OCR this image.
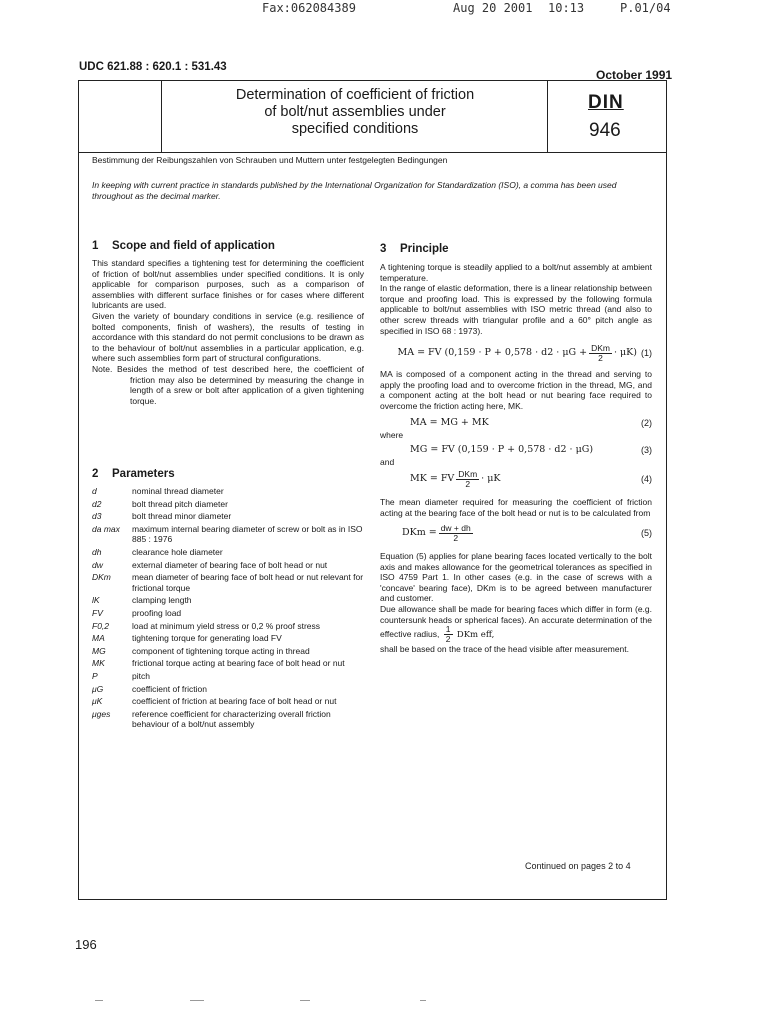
Fax:062084389	Aug 20 2001 10:13	P.01/04
UDC 621.88 : 620.1 : 531.43
October 1991
Determination of coefficient of friction
of bolt/nut assemblies under
specified conditions
DIN
946
Bestimmung der Reibungszahlen von Schrauben und Muttern unter festgelegten Bedingungen
In keeping with current practice in standards published by the International Organization for Standardization (ISO), a comma has been used throughout as the decimal marker.
1 Scope and field of application

This standard specifies a tightening test for determining the coefficient of friction of bolt/nut assemblies under specified conditions. It is only applicable for comparison purposes, such as a comparison of assemblies with different surface finishes or for cases where different lubricants are used.

Given the variety of boundary conditions in service (e.g. resilience of bolted components, finish of washers), the results of testing in accordance with this standard do not permit conclusions to be drawn as to the behaviour of bolt/nut assemblies in a particular application, e.g. where such assemblies form part of structural configurations.

Note. Besides the method of test described here, the coefficient of friction may also be determined by measuring the change in length of a srew or bolt after application of a given tightening torque.

2 Parameters
d	nominal thread diameter
d2	bolt thread pitch diameter
d3	bolt thread minor diameter
da max	maximum internal bearing diameter of screw or bolt as in ISO 885 : 1976
dh	clearance hole diameter
dw	external diameter of bearing face of bolt head or nut
DKm	mean diameter of bearing face of bolt head or nut relevant for frictional torque
lK	clamping length
FV	proofing load
F0,2	load at minimum yield stress or 0,2 % proof stress
MA	tightening torque for generating load FV
MG	component of tightening torque acting in thread
MK	frictional torque acting at bearing face of bolt head or nut
P	pitch
μG	coefficient of friction
μK	coefficient of friction at bearing face of bolt head or nut
μges	reference coefficient for characterizing overall friction behaviour of a bolt/nut assembly
3 Principle

A tightening torque is steadily applied to a bolt/nut assembly at ambient temperature.

In the range of elastic deformation, there is a linear relationship between torque and proofing load. This is expressed by the following formula applicable to bolt/nut assemblies with ISO metric thread (and also to other screw threads with triangular profile and a 60° pitch angle as specified in ISO 68 : 1973).

MA = FV $(0,159 \cdot P + 0,578 \cdot d2 \cdot \mu G + \frac{\text{DKm}}{2} \cdot \mu K)$ (1)

MA is composed of a component acting in the thread and serving to apply the proofing load and to overcome friction in the thread, MG, and a component acting at the bolt head or nut bearing face required to overcome the friction acting here, MK.

MA = MG + MK	(2)

where

MG = FV (0,159 · P + 0,578 · d2 · μG)	(3)

and

MK = FV $\frac{\text{DKm}}{2} \cdot \mu K$	(4)

The mean diameter required for measuring the coefficient of friction acting at the bearing face of the bolt head or nut is to be calculated from

DKm = $\frac{dw + dh}{2}$	(5)

Equation (5) applies for plane bearing faces located vertically to the bolt axis and makes allowance for the geometrical tolerances as specified in ISO 4759 Part 1. In other cases (e.g. in the case of screws with a 'concave' bearing face), DKm is to be agreed between manufacturer and customer.

Due allowance shall be made for bearing faces which differ in form (e.g. countersunk heads or spherical faces). An accurate determination of the effective radius, $\frac{1}{2}$ DKm eff,

shall be based on the trace of the head visible after measurement.

Continued on pages 2 to 4
196
